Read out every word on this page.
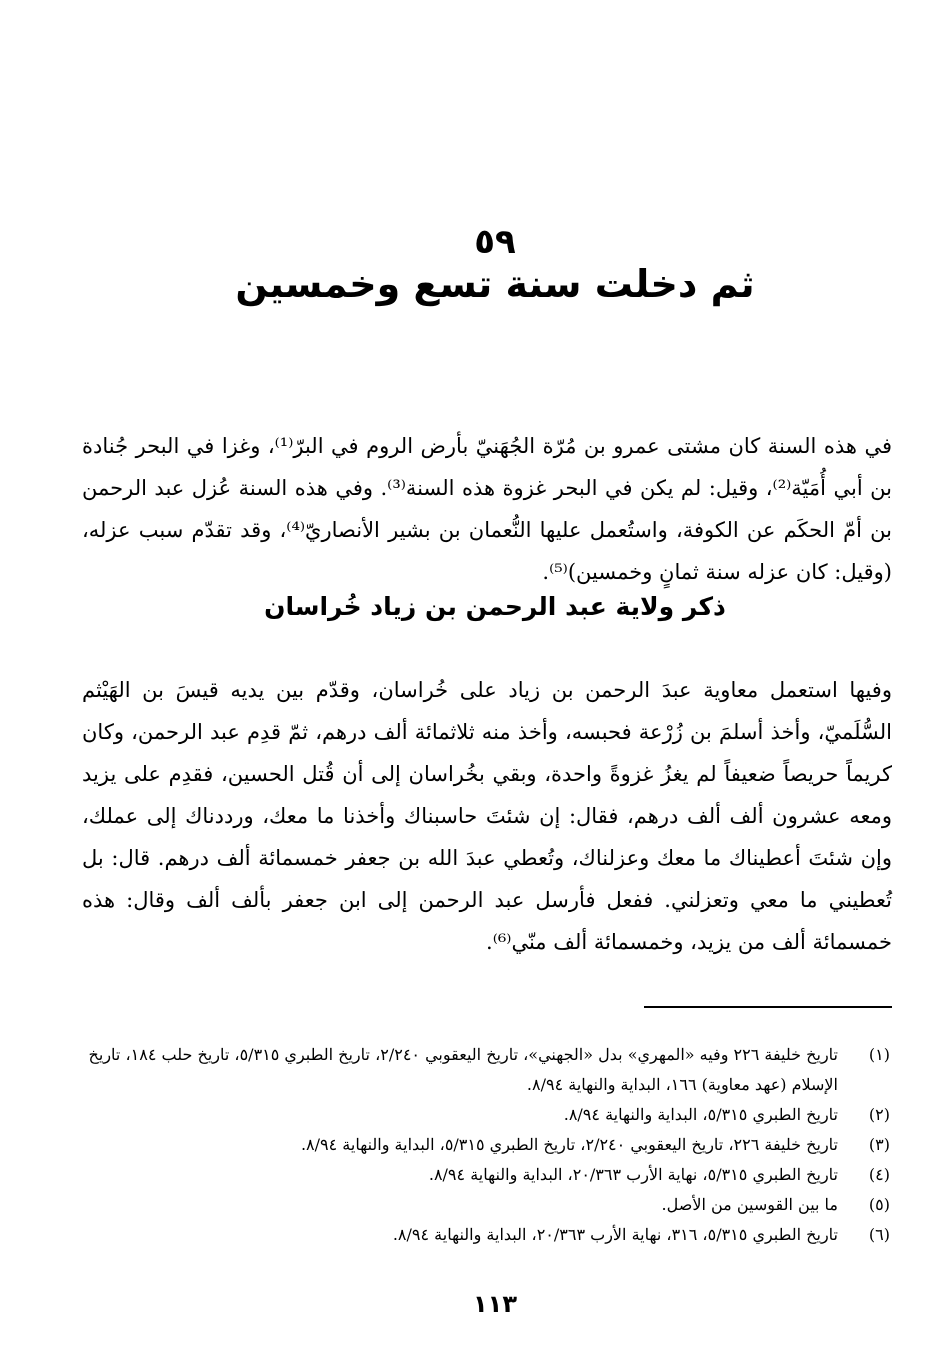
٥٩
ثم دخلت سنة تسع وخمسين

في هذه السنة كان مشتى عمرو بن مُرّة الجُهَنيّ بأرض الروم في البرّ⁽¹⁾، وغزا في البحر جُنادة بن أبي أُمَيّة⁽²⁾، وقيل: لم يكن في البحر غزوة هذه السنة⁽³⁾. وفي هذه السنة عُزل عبد الرحمن بن أمّ الحكَم عن الكوفة، واستُعمل عليها النُّعمان بن بشير الأنصاريّ⁽⁴⁾، وقد تقدّم سبب عزله، (وقيل: كان عزله سنة ثمانٍ وخمسين)⁽⁵⁾.

ذكر ولاية عبد الرحمن بن زياد خُراسان

وفيها استعمل معاوية عبدَ الرحمن بن زياد على خُراسان، وقدّم بين يديه قيسَ بن الهَيْثم السُّلَميّ، وأخذ أسلمَ بن زُرْعة فحبسه، وأخذ منه ثلاثمائة ألف درهم، ثمّ قدِم عبد الرحمن، وكان كريماً حريصاً ضعيفاً لم يغزُ غزوةً واحدة، وبقي بخُراسان إلى أن قُتل الحسين، فقدِم على يزيد ومعه عشرون ألف ألف درهم، فقال: إن شئتَ حاسبناك وأخذنا ما معك، ورددناك إلى عملك، وإن شئتَ أعطيناك ما معك وعزلناك، وتُعطي عبدَ الله بن جعفر خمسمائة ألف درهم. قال: بل تُعطيني ما معي وتعزلني. ففعل فأرسل عبد الرحمن إلى ابن جعفر بألف ألف وقال: هذه خمسمائة ألف من يزيد، وخمسمائة ألف منّي⁽⁶⁾.

(١)
تاريخ خليفة ٢٢٦ وفيه «المهري» بدل «الجهني»، تاريخ اليعقوبي ٢/٢٤٠، تاريخ الطبري ٥/٣١٥، تاريخ حلب ١٨٤، تاريخ الإسلام (عهد معاوية) ١٦٦، البداية والنهاية ٨/٩٤.
(٢)
تاريخ الطبري ٥/٣١٥، البداية والنهاية ٨/٩٤.
(٣)
تاريخ خليفة ٢٢٦، تاريخ اليعقوبي ٢/٢٤٠، تاريخ الطبري ٥/٣١٥، البداية والنهاية ٨/٩٤.
(٤)
تاريخ الطبري ٥/٣١٥، نهاية الأرب ٢٠/٣٦٣، البداية والنهاية ٨/٩٤.
(٥)
ما بين القوسين من الأصل.
(٦)
تاريخ الطبري ٥/٣١٥، ٣١٦، نهاية الأرب ٢٠/٣٦٣، البداية والنهاية ٨/٩٤.
١١٣
